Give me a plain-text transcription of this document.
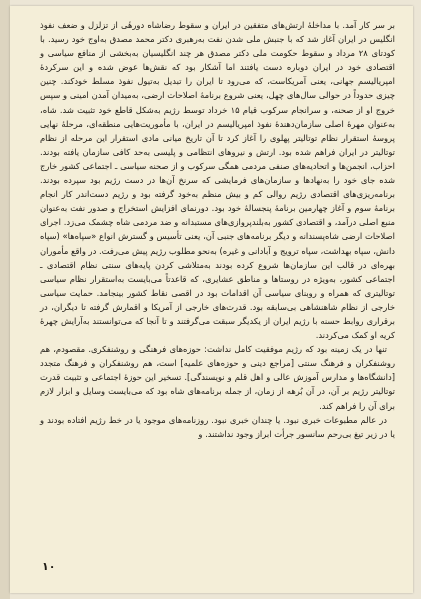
بر سر کار آمد. با مداخلهٔ ارتش‌های متفقین در ایران و سقوط رضاشاه دورهٔی از تزلزل و ضعف نفوذ انگلیس در ایران آغاز شد که با جنبش ملی شدن نفت به‌رهبری دکتر محمد مصدق به‌اوج خود رسید. با کودتای ۲۸ مرداد و سقوط حکومت ملی دکتر مصدق هر چند انگلیسیان به‌بخشی از منافع سیاسی و اقتصادی خود در ایران دوباره دست یافتند اما آشکار بود که نقش‌ها عوض شده و این سرکردهٔ امپریالیسم جهانی، یعنی آمریکاست، که می‌رود تا ایران را تبدیل به‌تیول نفوذ مسلط خودکند. چنین چیزی حدوداً در حوالی سال‌های چهل، یعنی شروع برنامهٔ اصلاحات ارضی، به‌میدان آمدن امینی و سپس خروج او از صحنه، و سرانجام سرکوب قیام ۱۵ خرداد توسط رژیم به‌شکل قاطع خود تثبیت شد. شاه، به‌عنوان مهرهٔ اصلی سازمان‌دهندهٔ نفوذ امپریالیسم در ایران، با مأموریت‌هایی منطقه‌ای، مرحلهٔ نهایی پروسهٔ استقرار نظام توتالیتر پهلوی را آغاز کرد تا آن تاریخ میانی مادی استقرار این مرحله از نظام توتالیتر در ایران فراهم شده بود. ارتش و نیروهای انتظامی و پلیسی به‌حد کافی سازمان یافته بودند. احزاب، انجمن‌ها و اتحادیه‌های صنفی مردمی همگی سرکوب و از صحنه سیاسی ـ اجتماعی کشور خارج شده جای خود را به‌نهادها و سازمان‌های فرمایشی که سرنخ آن‌ها در دست رژیم بود سپرده بودند. برنامه‌ریزی‌های اقتصادی رژیم روالی کم و بیش منظم به‌خود گرفته بود و رژیم دست‌اندر کار انجام برنامهٔ سوم و آغاز چهارمین برنامهٔ پنجسالهٔ خود بود. دورنمای افزایش استخراج و صدور نفت به‌عنوان منبع اصلی درآمد، و اقتصادی کشور به‌بلندپروازی‌های مستبدانه و ضد مردمی شاه چشمک می‌زد. اجرای اصلاحات ارضی شاه‌پسندانه و دیگر برنامه‌های جنبی آن، یعنی تأسیس و گسترش انواع «سپاه‌ها» (سپاه دانش، سپاه بهداشت، سپاه ترویج و آبادانی و غیره) به‌نحو مطلوب رژیم پیش می‌رفت. در واقع مأموران بهره‌ای در قالب این سازمان‌ها شروع کرده بودند به‌متلاشی کردن پایه‌های سنتی نظام اقتصادی ـ اجتماعی کشور، به‌ویژه در روستاها و مناطق عشایری، که قاعدتاً می‌بایست به‌استقرار نظام سیاسی توتالیتری که همراه و روبنای سیاسی آن اقدامات بود در اقصی نقاط کشور بینجامد. حمایت سیاسی خارجی از نظام شاهنشاهی بی‌سابقه بود. قدرت‌های خارجی از آمریکا و اقمارش گرفته تا دیگران، در برقراری روابط حسنه با رژیم ایران از یکدیگر سبقت می‌گرفتند و تا آنجا که می‌توانستند به‌آرایش چهرهٔ کریه او کمک می‌کردند.

تنها در یک زمینه بود که رژیم موفقیت کامل نداشت: حوزه‌های فرهنگی و روشنفکری. مقصودم، هم روشنفکران و فرهنگ سنتی [مراجع دینی و حوزه‌های علمیه] است، هم روشنفکران و فرهنگ متجدد [دانشگاه‌ها و مدارس آموزش عالی و اهل قلم و نویسندگی]. تسخیر این حوزهٔ اجتماعی و تثبیت قدرت توتالیتر رژیم بر آن، در آن بُرهه از زمان، از جمله برنامه‌های شاه بود که می‌بایست وسایل و ابزار لازم برای آن را فراهم کند.

در عالم مطبوعات خبری نبود. یا چندان خبری نبود. روزنامه‌های موجود یا در خط رژیم افتاده بودند و یا در زیر تیغ بی‌رحم سانسور جرأت ابراز وجود نداشتند. و

۱۰
